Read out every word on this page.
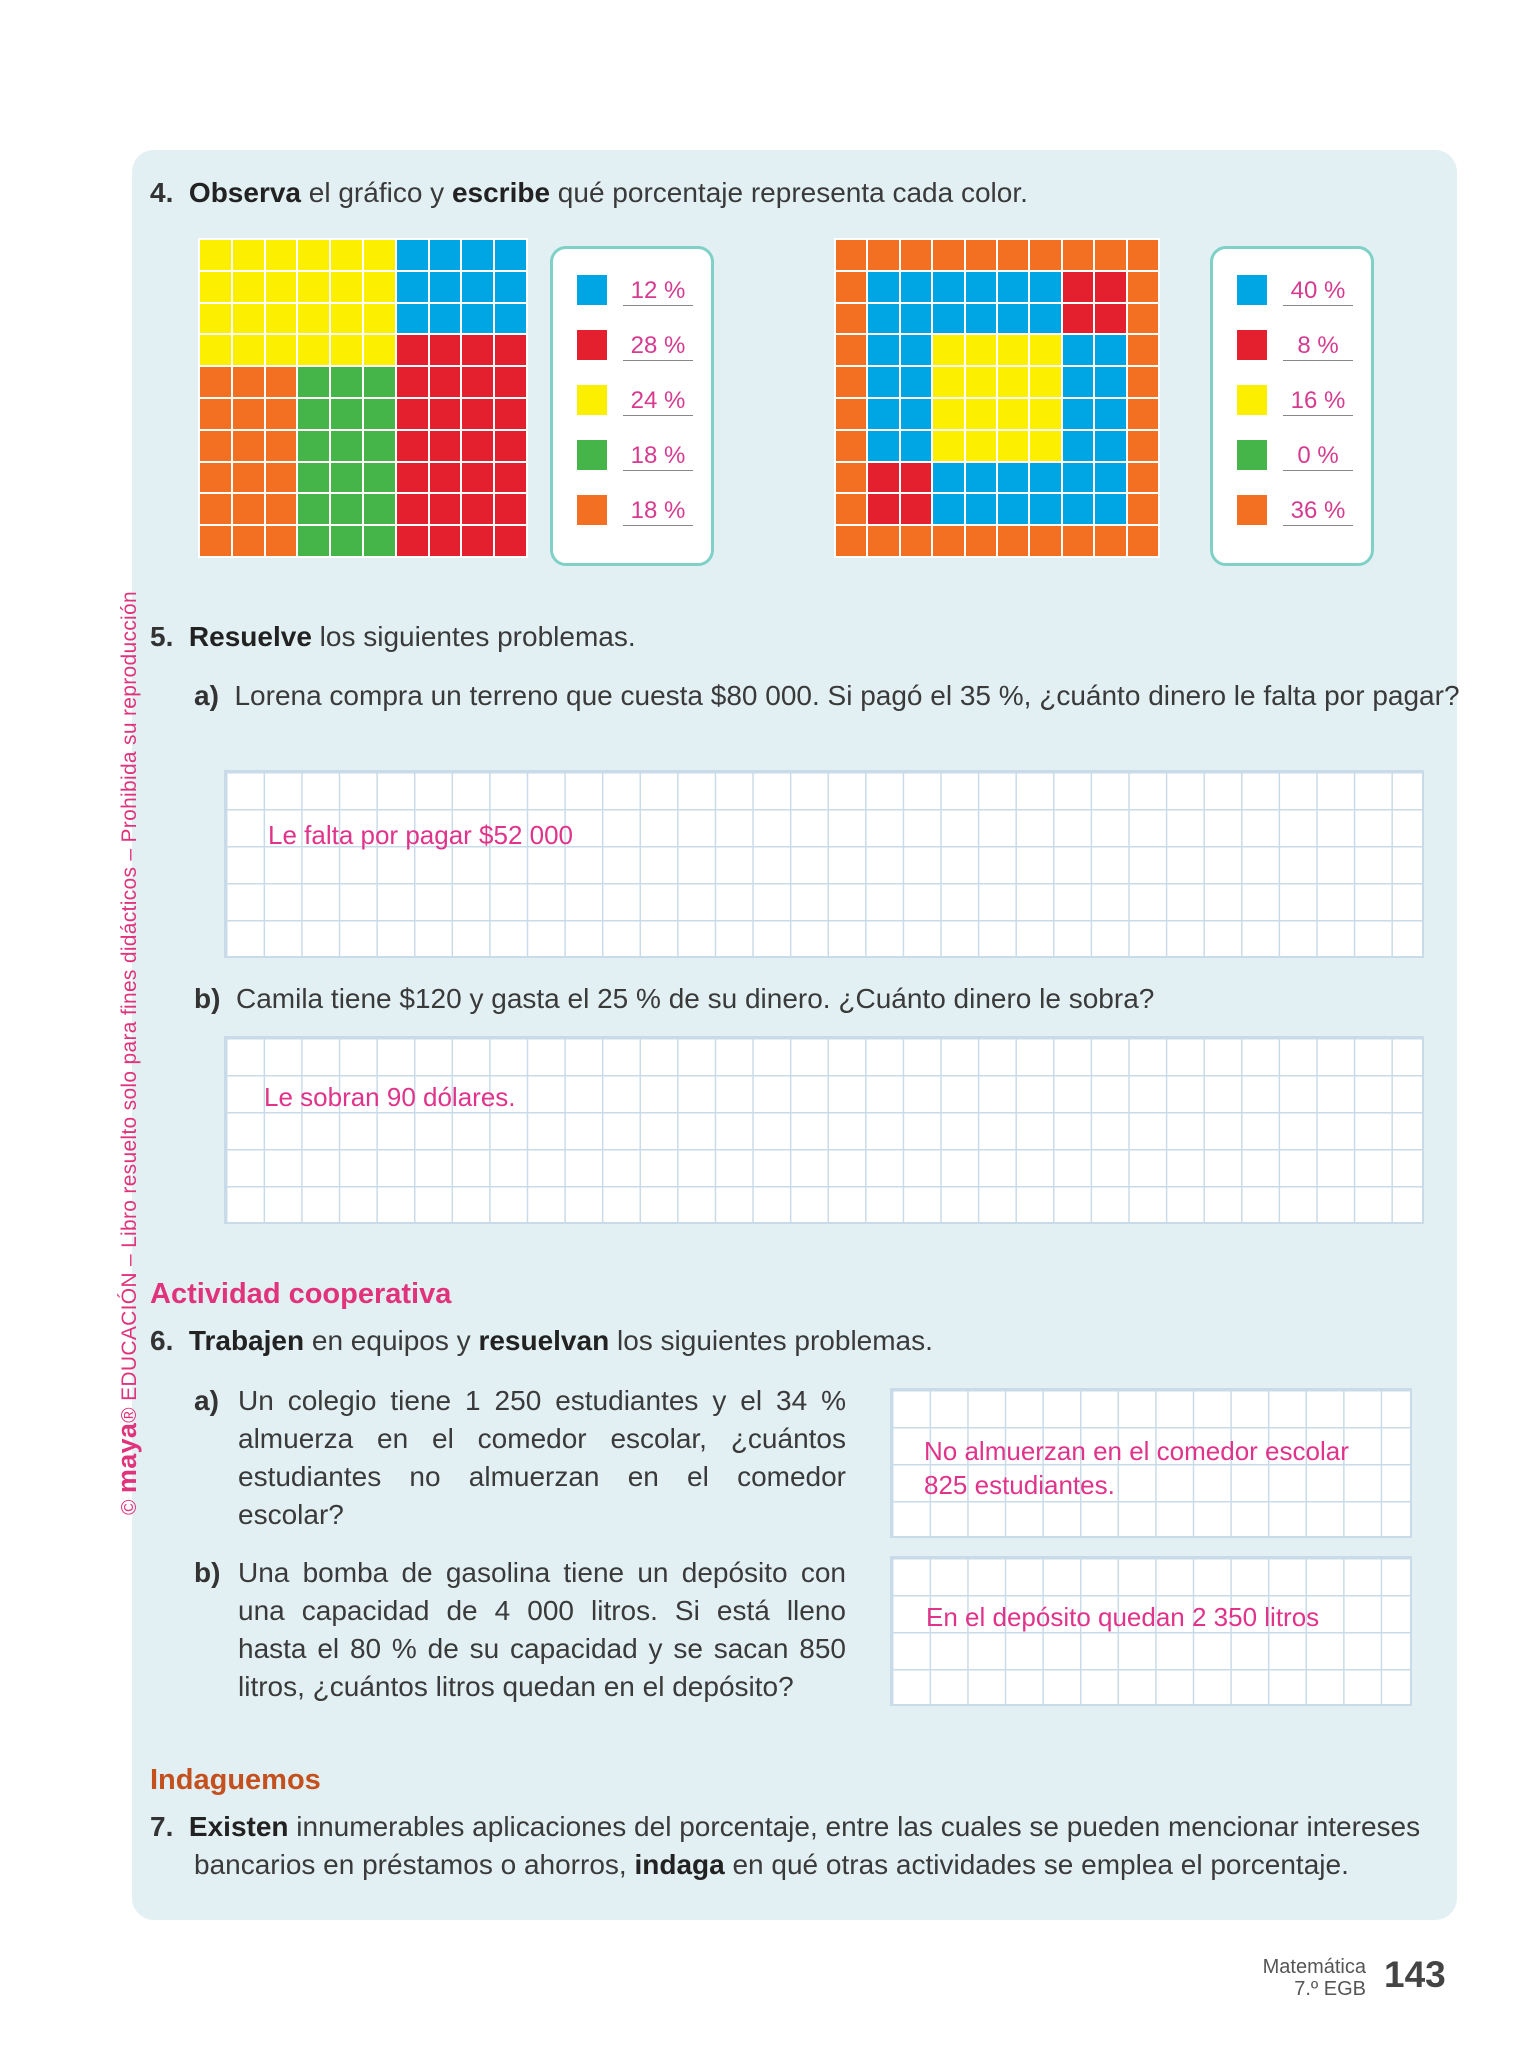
© maya® EDUCACIÓN – Libro resuelto solo para fines didácticos – Prohibida su reproducción
4. Observa el gráfico y escribe qué porcentaje representa cada color.
12 %
28 %
24 %
18 %
18 %
40 %
8 %
16 %
0 %
36 %
5. Resuelve los siguientes problemas.
a) Lorena compra un terreno que cuesta $80 000. Si pagó el 35 %, ¿cuánto dinero le falta por pagar?
Le falta por pagar $52 000
b) Camila tiene $120 y gasta el 25 % de su dinero. ¿Cuánto dinero le sobra?
Le sobran 90 dólares.
Actividad cooperativa
6. Trabajen en equipos y resuelvan los siguientes problemas.
a) Un colegio tiene 1 250 estudiantes y el 34 % almuerza en el comedor escolar, ¿cuántos estudiantes no almuerzan en el comedor escolar?
No almuerzan en el comedor escolar
825 estudiantes.
b) Una bomba de gasolina tiene un depósito con una capacidad de 4 000 litros. Si está lleno hasta el 80 % de su capacidad y se sacan 850 litros, ¿cuántos litros quedan en el depósito?
En el depósito quedan 2 350 litros
Indaguemos
7. Existen innumerables aplicaciones del porcentaje, entre las cuales se pueden mencionar intereses
bancarios en préstamos o ahorros, indaga en qué otras actividades se emplea el porcentaje.
Matemática
7.º EGB 143
